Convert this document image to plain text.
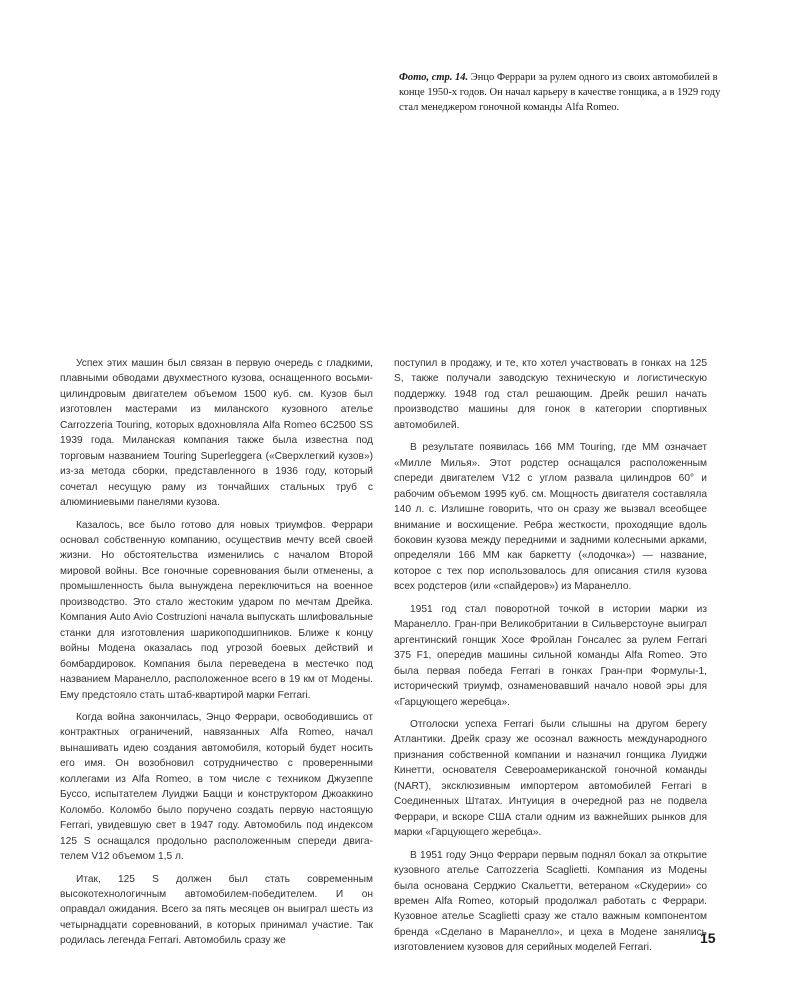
Фото, стр. 14. Энцо Феррари за рулем одного из своих автомобилей в конце 1950-х годов. Он начал карьеру в качестве гонщика, а в 1929 году стал менеджером гоночной команды Alfa Romeo.

Успех этих машин был связан в первую очередь с гладкими, плавными обводами двухместного кузова, оснащенного восьмицилиндровым двигателем объемом 1500 куб. см. Кузов был изготовлен мастерами из миланского кузовного ателье Carrozzeria Touring, которых вдохновляла Alfa Romeo 6C2500 SS 1939 года. Миланская компания также была известна под торговым названием Touring Superleggera («Сверхлегкий кузов») из-за метода сборки, представленного в 1936 году, который сочетал несущую раму из тончайших стальных труб с алюминиевыми панелями кузова.

Казалось, все было готово для новых триумфов. Феррари основал собственную компанию, осуществив мечту всей своей жизни. Но обстоятельства изменились с началом Второй мировой войны. Все гоночные соревнования были отменены, а промышленность была вынуждена переключиться на военное производство. Это стало жестоким ударом по мечтам Дрейка. Компания Auto Avio Costruzioni начала выпускать шлифовальные станки для изготовления шарикоподшипников. Ближе к концу войны Модена оказалась под угрозой боевых действий и бомбардировок. Компания была переведена в местечко под названием Маранелло, расположенное всего в 19 км от Модены. Ему предстояло стать штаб-квартирой марки Ferrari.

Когда война закончилась, Энцо Феррари, освободившись от контрактных ограничений, навязанных Alfa Romeo, начал вынашивать идею создания автомобиля, который будет носить его имя. Он возобновил сотрудничество с проверенными коллегами из Alfa Romeo, в том числе с техником Джузеппе Буссо, испытателем Луиджи Бацци и конструктором Джоаккино Коломбо. Коломбо было поручено создать первую настоящую Ferrari, увидевшую свет в 1947 году. Автомобиль под индексом 125 S оснащался продольно расположенным спереди двигателем V12 объемом 1,5 л.

Итак, 125 S должен был стать современным высокотехнологичным автомобилем-победителем. И он оправдал ожидания. Всего за пять месяцев он выиграл шесть из четырнадцати соревнований, в которых принимал участие. Так родилась легенда Ferrari. Автомобиль сразу же

поступил в продажу, и те, кто хотел участвовать в гонках на 125 S, также получали заводскую техническую и логистическую поддержку. 1948 год стал решающим. Дрейк решил начать производство машины для гонок в категории спортивных автомобилей.

В результате появилась 166 MM Touring, где MM означает «Милле Милья». Этот родстер оснащался расположенным спереди двигателем V12 с углом развала цилиндров 60° и рабочим объемом 1995 куб. см. Мощность двигателя составляла 140 л. с. Излишне говорить, что он сразу же вызвал всеобщее внимание и восхищение. Ребра жесткости, проходящие вдоль боковин кузова между передними и задними колесными арками, определяли 166 MM как баркетту («лодочка») — название, которое с тех пор использовалось для описания стиля кузова всех родстеров (или «спайдеров») из Маранелло.

1951 год стал поворотной точкой в истории марки из Маранелло. Гран-при Великобритании в Сильверстоуне выиграл аргентинский гонщик Хосе Фройлан Гонсалес за рулем Ferrari 375 F1, опередив машины сильной команды Alfa Romeo. Это была первая победа Ferrari в гонках Гран-при Формулы-1, исторический триумф, ознаменовавший начало новой эры для «Гарцующего жеребца».

Отголоски успеха Ferrari были слышны на другом берегу Атлантики. Дрейк сразу же осознал важность международного признания собственной компании и назначил гонщика Луиджи Кинетти, основателя Североамериканской гоночной команды (NART), эксклюзивным импортером автомобилей Ferrari в Соединенных Штатах. Интуиция в очередной раз не подвела Феррари, и вскоре США стали одним из важнейших рынков для марки «Гарцующего жеребца».

В 1951 году Энцо Феррари первым поднял бокал за открытие кузовного ателье Carrozzeria Scaglietti. Компания из Модены была основана Серджио Скальетти, ветераном «Скудерии» со времен Alfa Romeo, который продолжал работать с Феррари. Кузовное ателье Scaglietti сразу же стало важным компонентом бренда «Сделано в Маранелло», и цеха в Модене занялись изготовлением кузовов для серийных моделей Ferrari.

15
